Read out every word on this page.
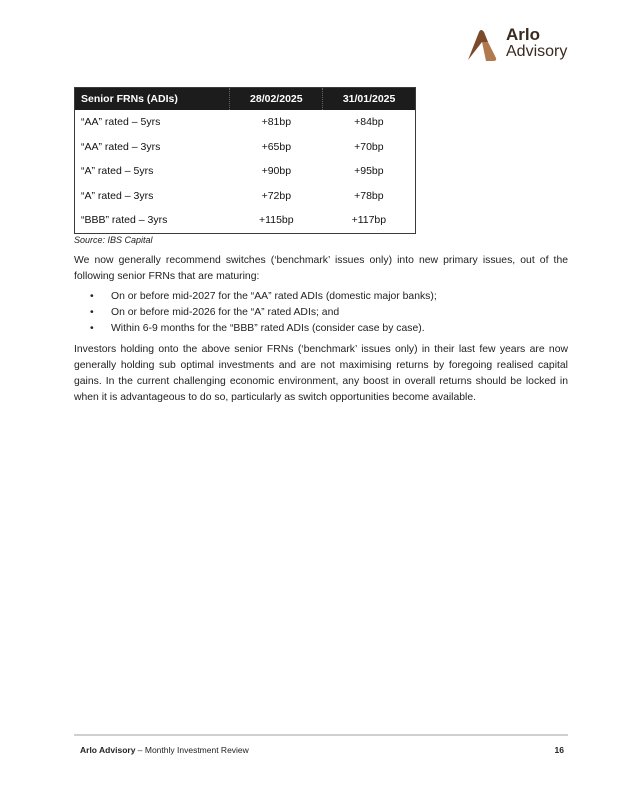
Arlo
Advisory
Senior FRNs (ADIs)	28/02/2025	31/01/2025
“AA” rated – 5yrs	+81bp	+84bp
“AA” rated – 3yrs	+65bp	+70bp
“A” rated – 5yrs	+90bp	+95bp
“A” rated – 3yrs	+72bp	+78bp
“BBB” rated – 3yrs	+115bp	+117bp
Source: IBS Capital

We now generally recommend switches (‘benchmark’ issues only) into new primary issues, out of the following senior FRNs that are maturing:

• On or before mid-2027 for the “AA” rated ADIs (domestic major banks);
• On or before mid-2026 for the “A” rated ADIs; and
• Within 6-9 months for the “BBB” rated ADIs (consider case by case).

Investors holding onto the above senior FRNs (‘benchmark’ issues only) in their last few years are now generally holding sub optimal investments and are not maximising returns by foregoing realised capital gains. In the current challenging economic environment, any boost in overall returns should be locked in when it is advantageous to do so, particularly as switch opportunities become available.

Arlo Advisory – Monthly Investment Review	16
